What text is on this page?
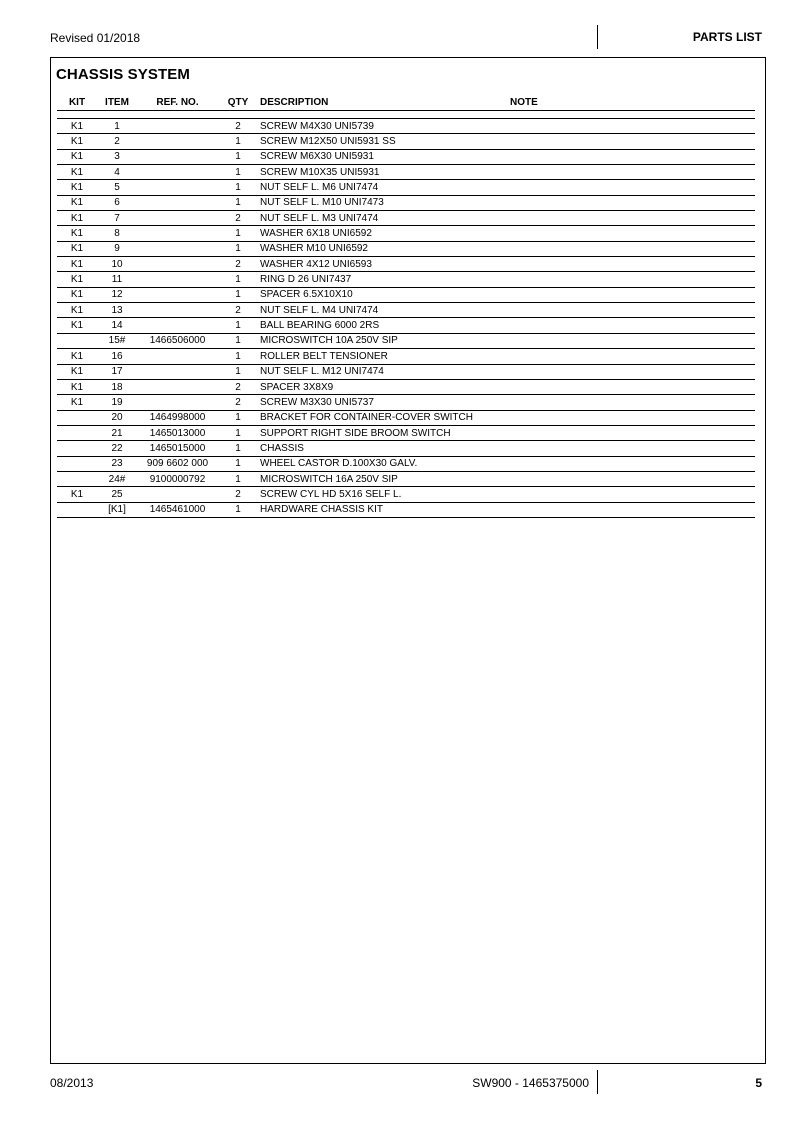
Revised 01/2018	PARTS LIST
CHASSIS SYSTEM
KIT	ITEM	REF. NO.	QTY	DESCRIPTION	NOTE

K1	1		2	SCREW M4X30 UNI5739	
K1	2		1	SCREW M12X50 UNI5931 SS	
K1	3		1	SCREW M6X30 UNI5931	
K1	4		1	SCREW M10X35 UNI5931	
K1	5		1	NUT SELF L. M6 UNI7474	
K1	6		1	NUT SELF L. M10 UNI7473	
K1	7		2	NUT SELF L. M3 UNI7474	
K1	8		1	WASHER 6X18 UNI6592	
K1	9		1	WASHER M10 UNI6592	
K1	10		2	WASHER 4X12 UNI6593	
K1	11		1	RING D 26 UNI7437	
K1	12		1	SPACER 6.5X10X10	
K1	13		2	NUT SELF L. M4 UNI7474	
K1	14		1	BALL BEARING 6000 2RS	
	15#	1466506000	1	MICROSWITCH 10A 250V SIP	
K1	16		1	ROLLER BELT TENSIONER	
K1	17		1	NUT SELF L. M12 UNI7474	
K1	18		2	SPACER 3X8X9	
K1	19		2	SCREW M3X30 UNI5737	
	20	1464998000	1	BRACKET FOR CONTAINER-COVER SWITCH	
	21	1465013000	1	SUPPORT RIGHT SIDE BROOM SWITCH	
	22	1465015000	1	CHASSIS	
	23	909 6602 000	1	WHEEL CASTOR D.100X30 GALV.	
	24#	9100000792	1	MICROSWITCH 16A 250V SIP	
K1	25		2	SCREW CYL HD 5X16 SELF L.	
	[K1]	1465461000	1	HARDWARE CHASSIS KIT	
08/2013	SW900 - 1465375000	5
